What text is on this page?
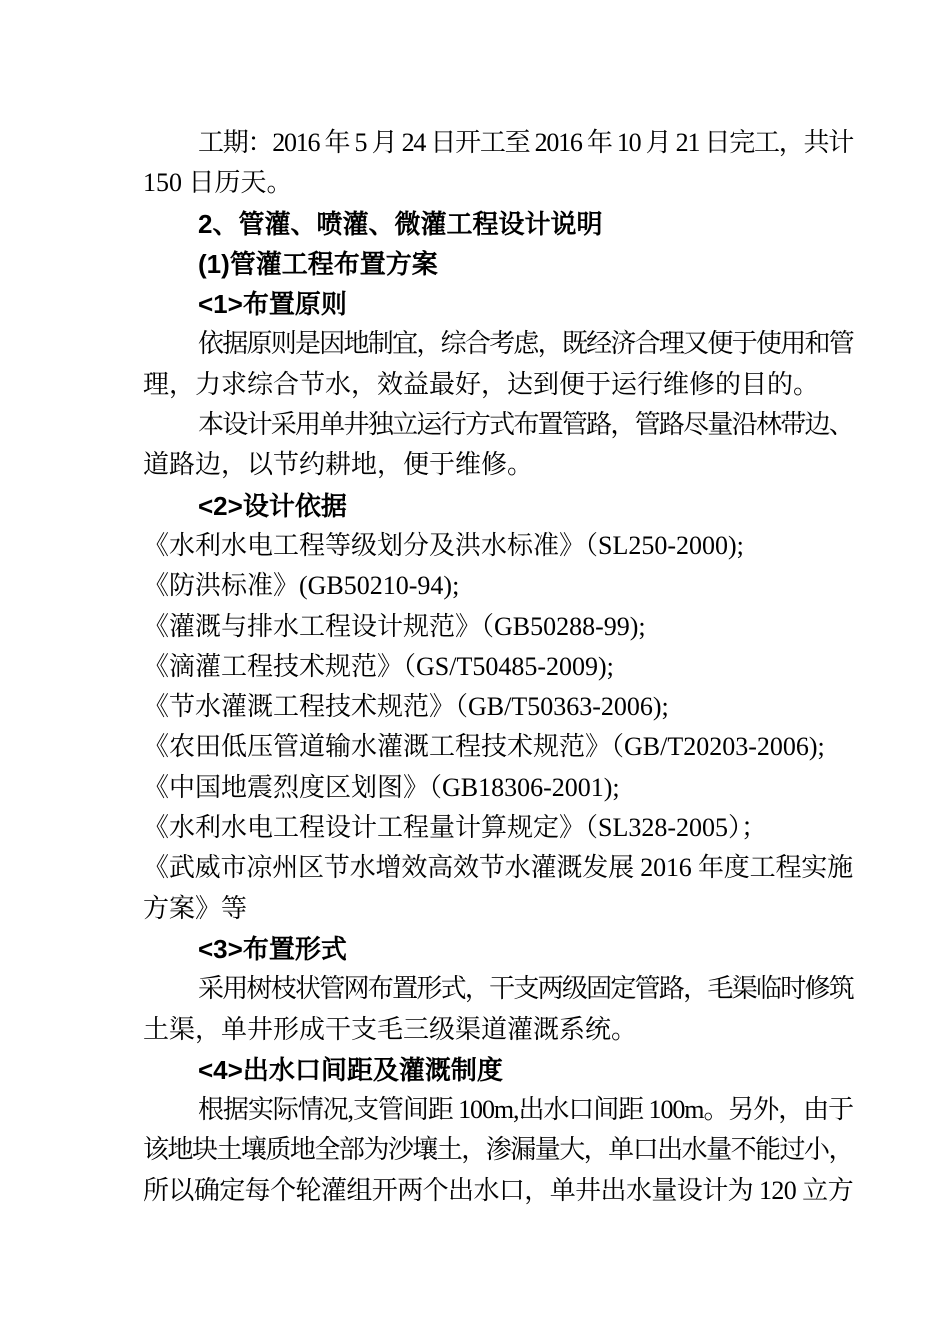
工期：2016 年 5 月 24 日开工至 2016 年 10 月 21 日完工，共计
150 日历天。
2、管灌、喷灌、微灌工程设计说明
(1)管灌工程布置方案
<1>布置原则
依据原则是因地制宜，综合考虑，既经济合理又便于使用和管
理，力求综合节水，效益最好，达到便于运行维修的目的。
本设计采用单井独立运行方式布置管路，管路尽量沿林带边、
道路边，以节约耕地，便于维修。
<2>设计依据
《水利水电工程等级划分及洪水标准》（SL250-2000);
《防洪标准》(GB50210-94);
《灌溉与排水工程设计规范》（GB50288-99);
《滴灌工程技术规范》（GS/T50485-2009);
《节水灌溉工程技术规范》（GB/T50363-2006);
《农田低压管道输水灌溉工程技术规范》（GB/T20203-2006);
《中国地震烈度区划图》（GB18306-2001);
《水利水电工程设计工程量计算规定》（SL328-2005）；
《武威市凉州区节水增效高效节水灌溉发展 2016 年度工程实施
方案》等
<3>布置形式
采用树枝状管网布置形式，干支两级固定管路，毛渠临时修筑
土渠，单井形成干支毛三级渠道灌溉系统。
<4>出水口间距及灌溉制度
根据实际情况,支管间距 100m,出水口间距 100m。另外，由于
该地块土壤质地全部为沙壤土，渗漏量大，单口出水量不能过小，
所以确定每个轮灌组开两个出水口，单井出水量设计为 120 立方
